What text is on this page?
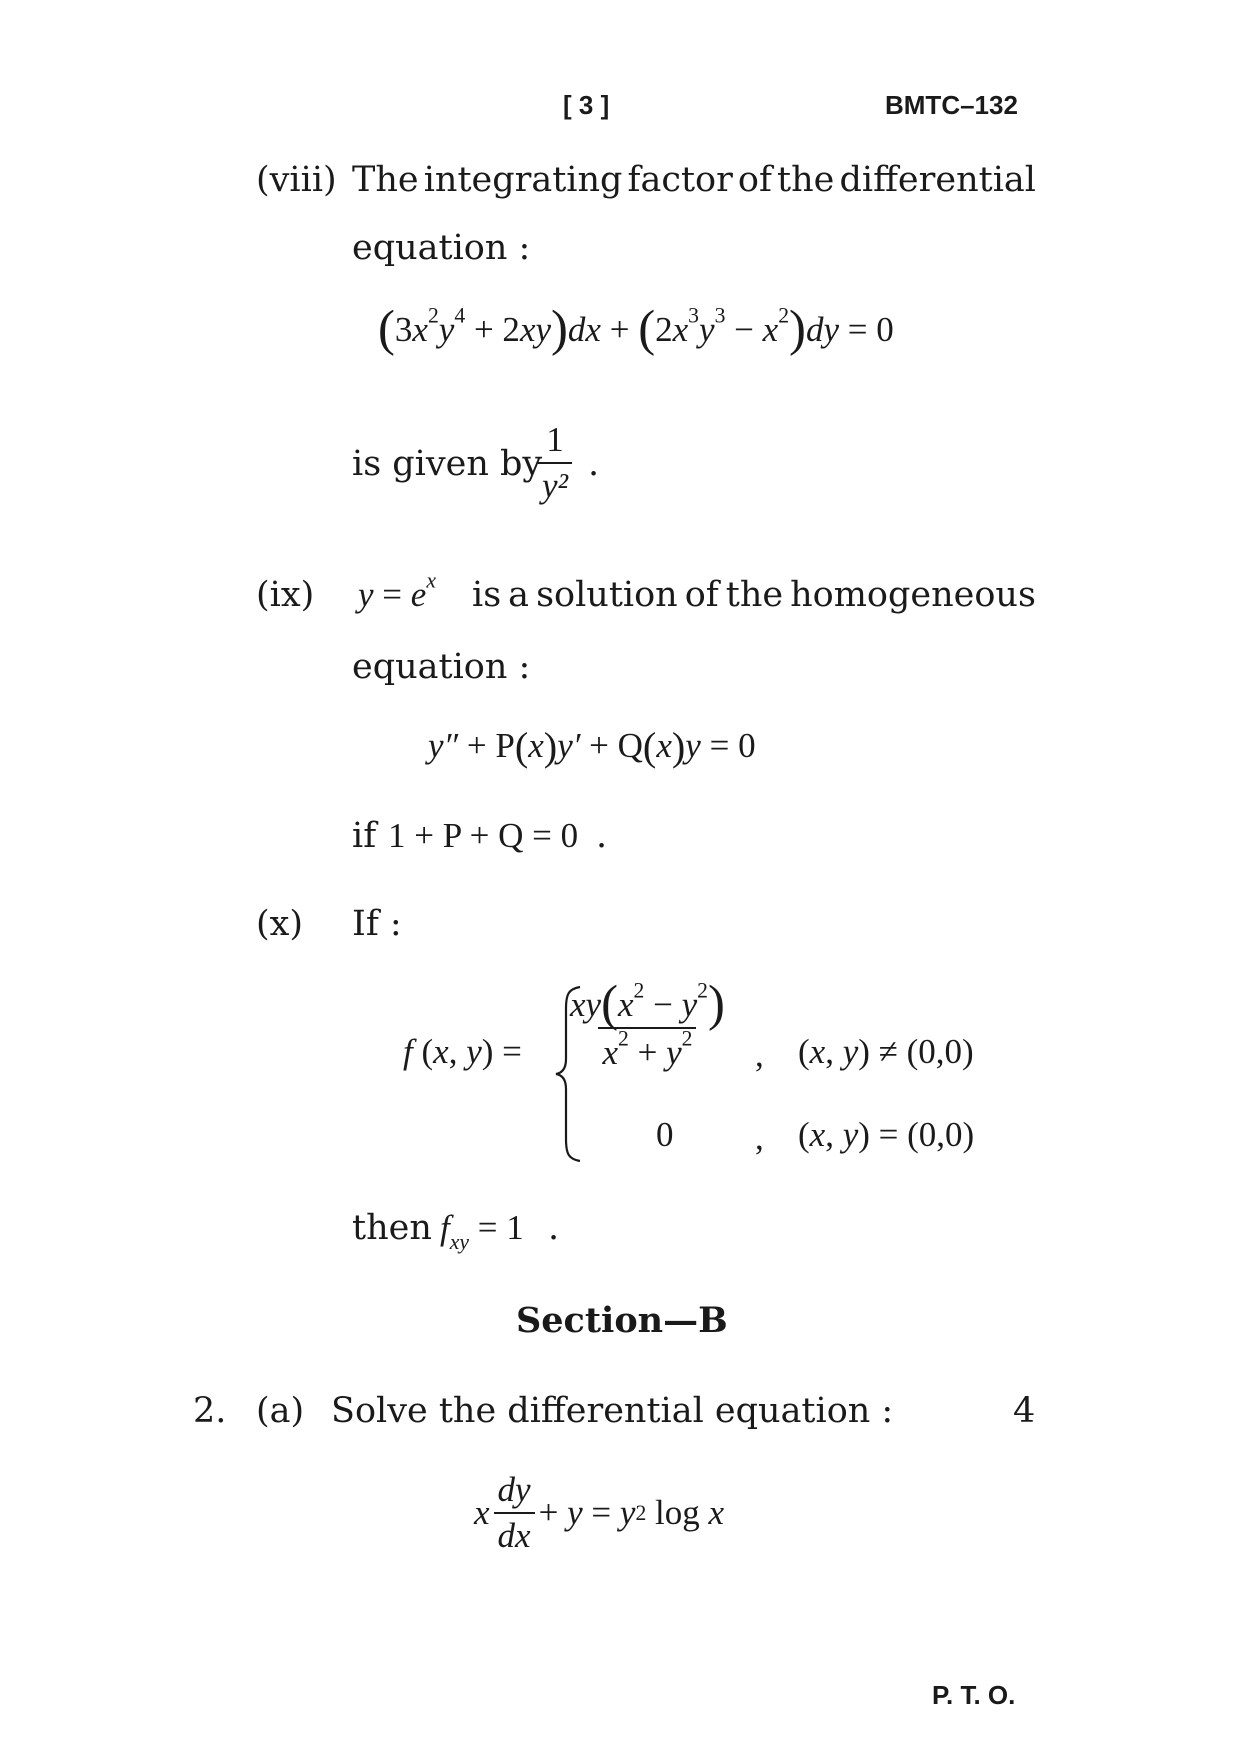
[ 3 ]	BMTC–132
(viii) The integrating factor of the differential
equation :
$(3x^2y^4 + 2xy)dx + (2x^3y^3 - x^2)dy = 0$
is given by
$\frac{1}{\text{y²}}$ .
(ix) $y = e^x$ is a solution of the homogeneous
equation :
y″ + P(x)y′ + Q(x)y = 0
if 1 + P + Q = 0 .
(x) If :
f (x, $y) = \frac{xy(x^2 - y^2)}{x^2 + y^2}$ , (x, y) ≠ (0,0)
0 , (x, y) = (0,0)
then $f_{xy} = 1$ .
Section—B
2. (a) Solve the differential equation :	4
x $\frac{dy}{dx} + y = y$ 2 log x
P. T. O.
